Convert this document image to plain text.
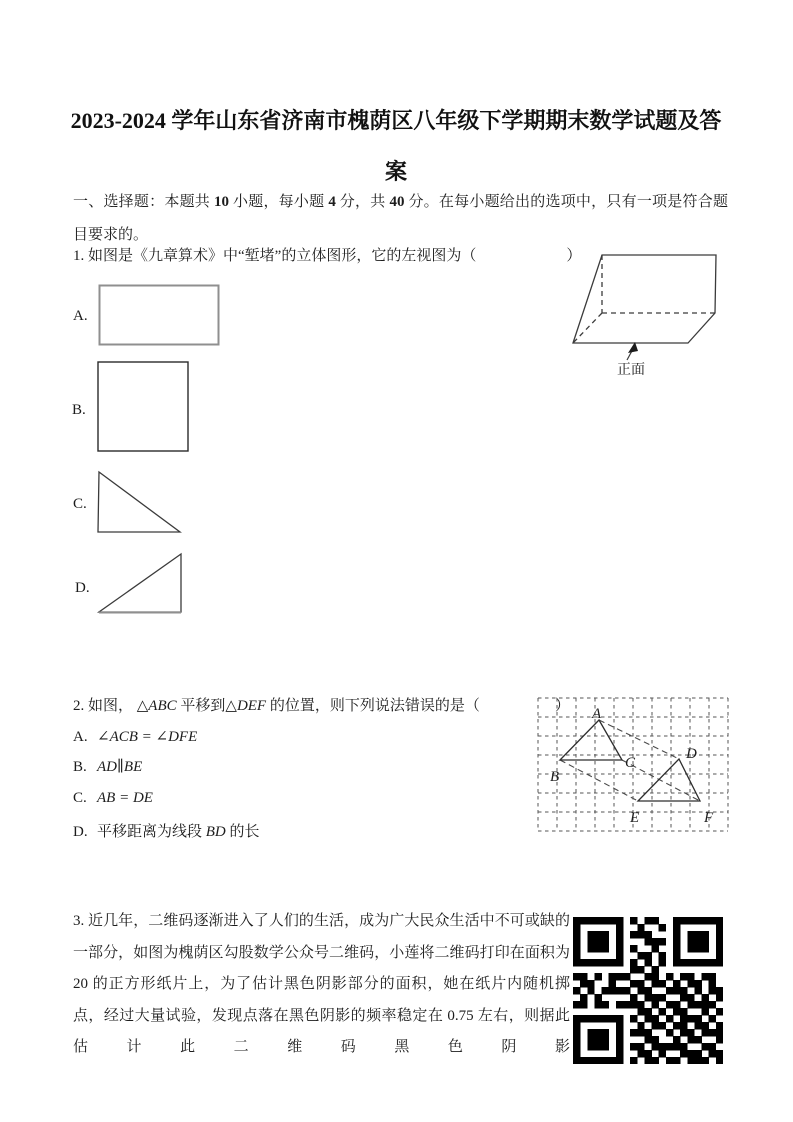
2023-2024 学年山东省济南市槐荫区八年级下学期期末数学试题及答案
一、选择题：本题共 10 小题，每小题 4 分，共 40 分。在每小题给出的选项中，只有一项是符合题目要求的。
1. 如图是《九章算术》中“堑堵”的立体图形，它的左视图为（　　　　　　）
正面
A.
B.
C.
D.
2. 如图， △ABC 平移到△DEF 的位置，则下列说法错误的是（　　　　　）
A. ∠ACB = ∠DFE
B. AD∥BE
C. AB = DE
D. 平移距离为线段 BD 的长
A
B
C
D
E	F
3. 近几年，二维码逐渐进入了人们的生活，成为广大民众生活中不可或缺的一部分，如图为槐荫区勾股数学公众号二维码，小莲将二维码打印在面积为 20 的正方形纸片上，为了估计黑色阴影部分的面积，她在纸片内随机掷点，经过大量试验，发现点落在黑色阴影的频率稳定在 0.75 左右，则据此估计此二维码黑色阴影
